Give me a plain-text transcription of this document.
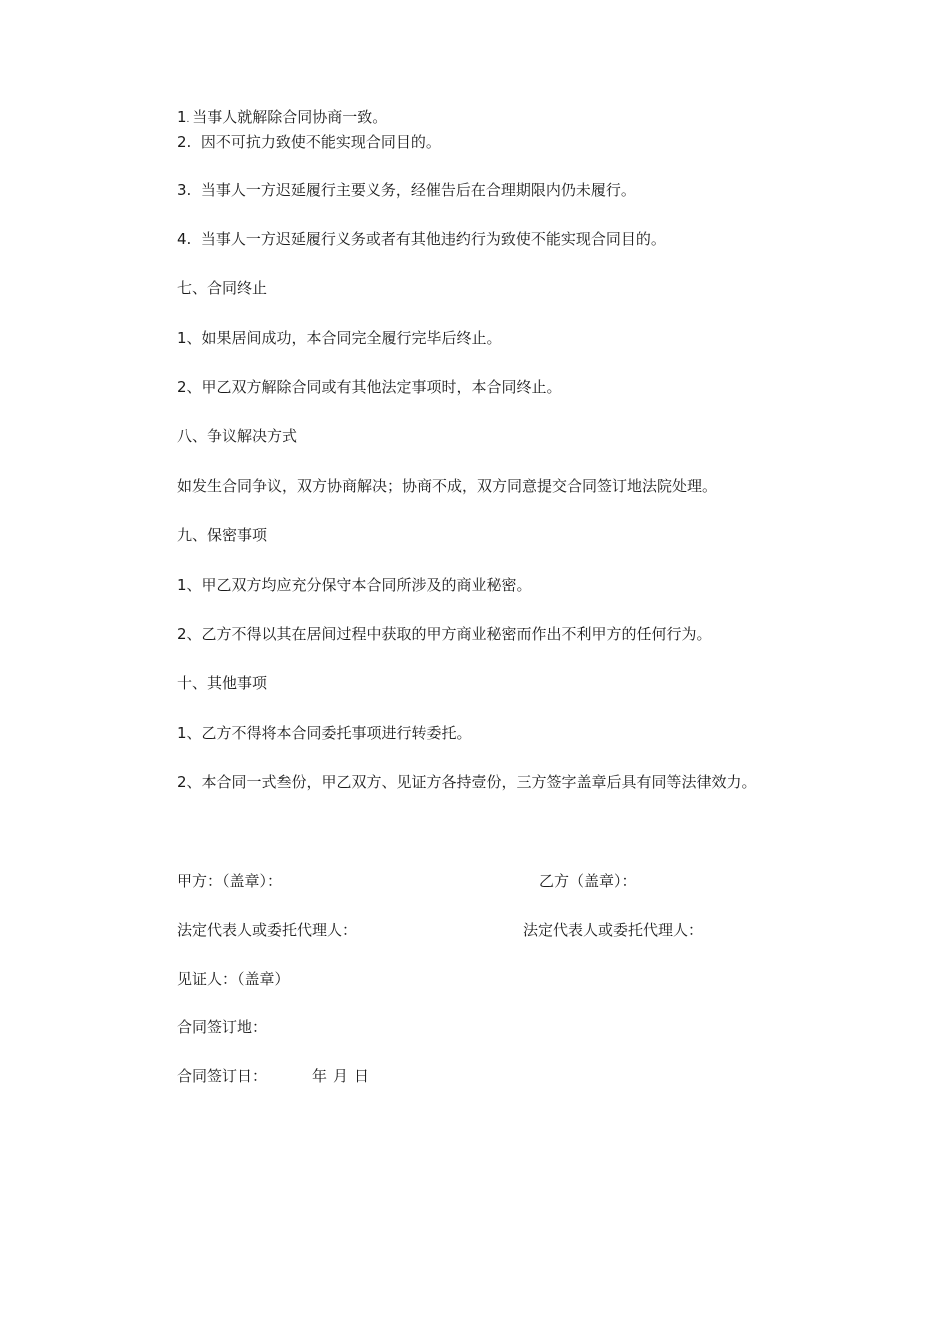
1. 当事人就解除合同协商一致。
2. 因不可抗力致使不能实现合同目的。
3. 当事人一方迟延履行主要义务，经催告后在合理期限内仍未履行。
4. 当事人一方迟延履行义务或者有其他违约行为致使不能实现合同目的。
七、合同终止
1、如果居间成功，本合同完全履行完毕后终止。
2、甲乙双方解除合同或有其他法定事项时，本合同终止。
八、争议解决方式
如发生合同争议，双方协商解决；协商不成，双方同意提交合同签订地法院处理。
九、保密事项
1、甲乙双方均应充分保守本合同所涉及的商业秘密。
2、乙方不得以其在居间过程中获取的甲方商业秘密而作出不利甲方的任何行为。
十、其他事项
1、乙方不得将本合同委托事项进行转委托。
2、本合同一式叁份，甲乙双方、见证方各持壹份，三方签字盖章后具有同等法律效力。
甲方：（盖章）：	乙方（盖章）：
法定代表人或委托代理人：	法定代表人或委托代理人：
见证人：（盖章）
合同签订地：
合同签订日：	年 月 日
